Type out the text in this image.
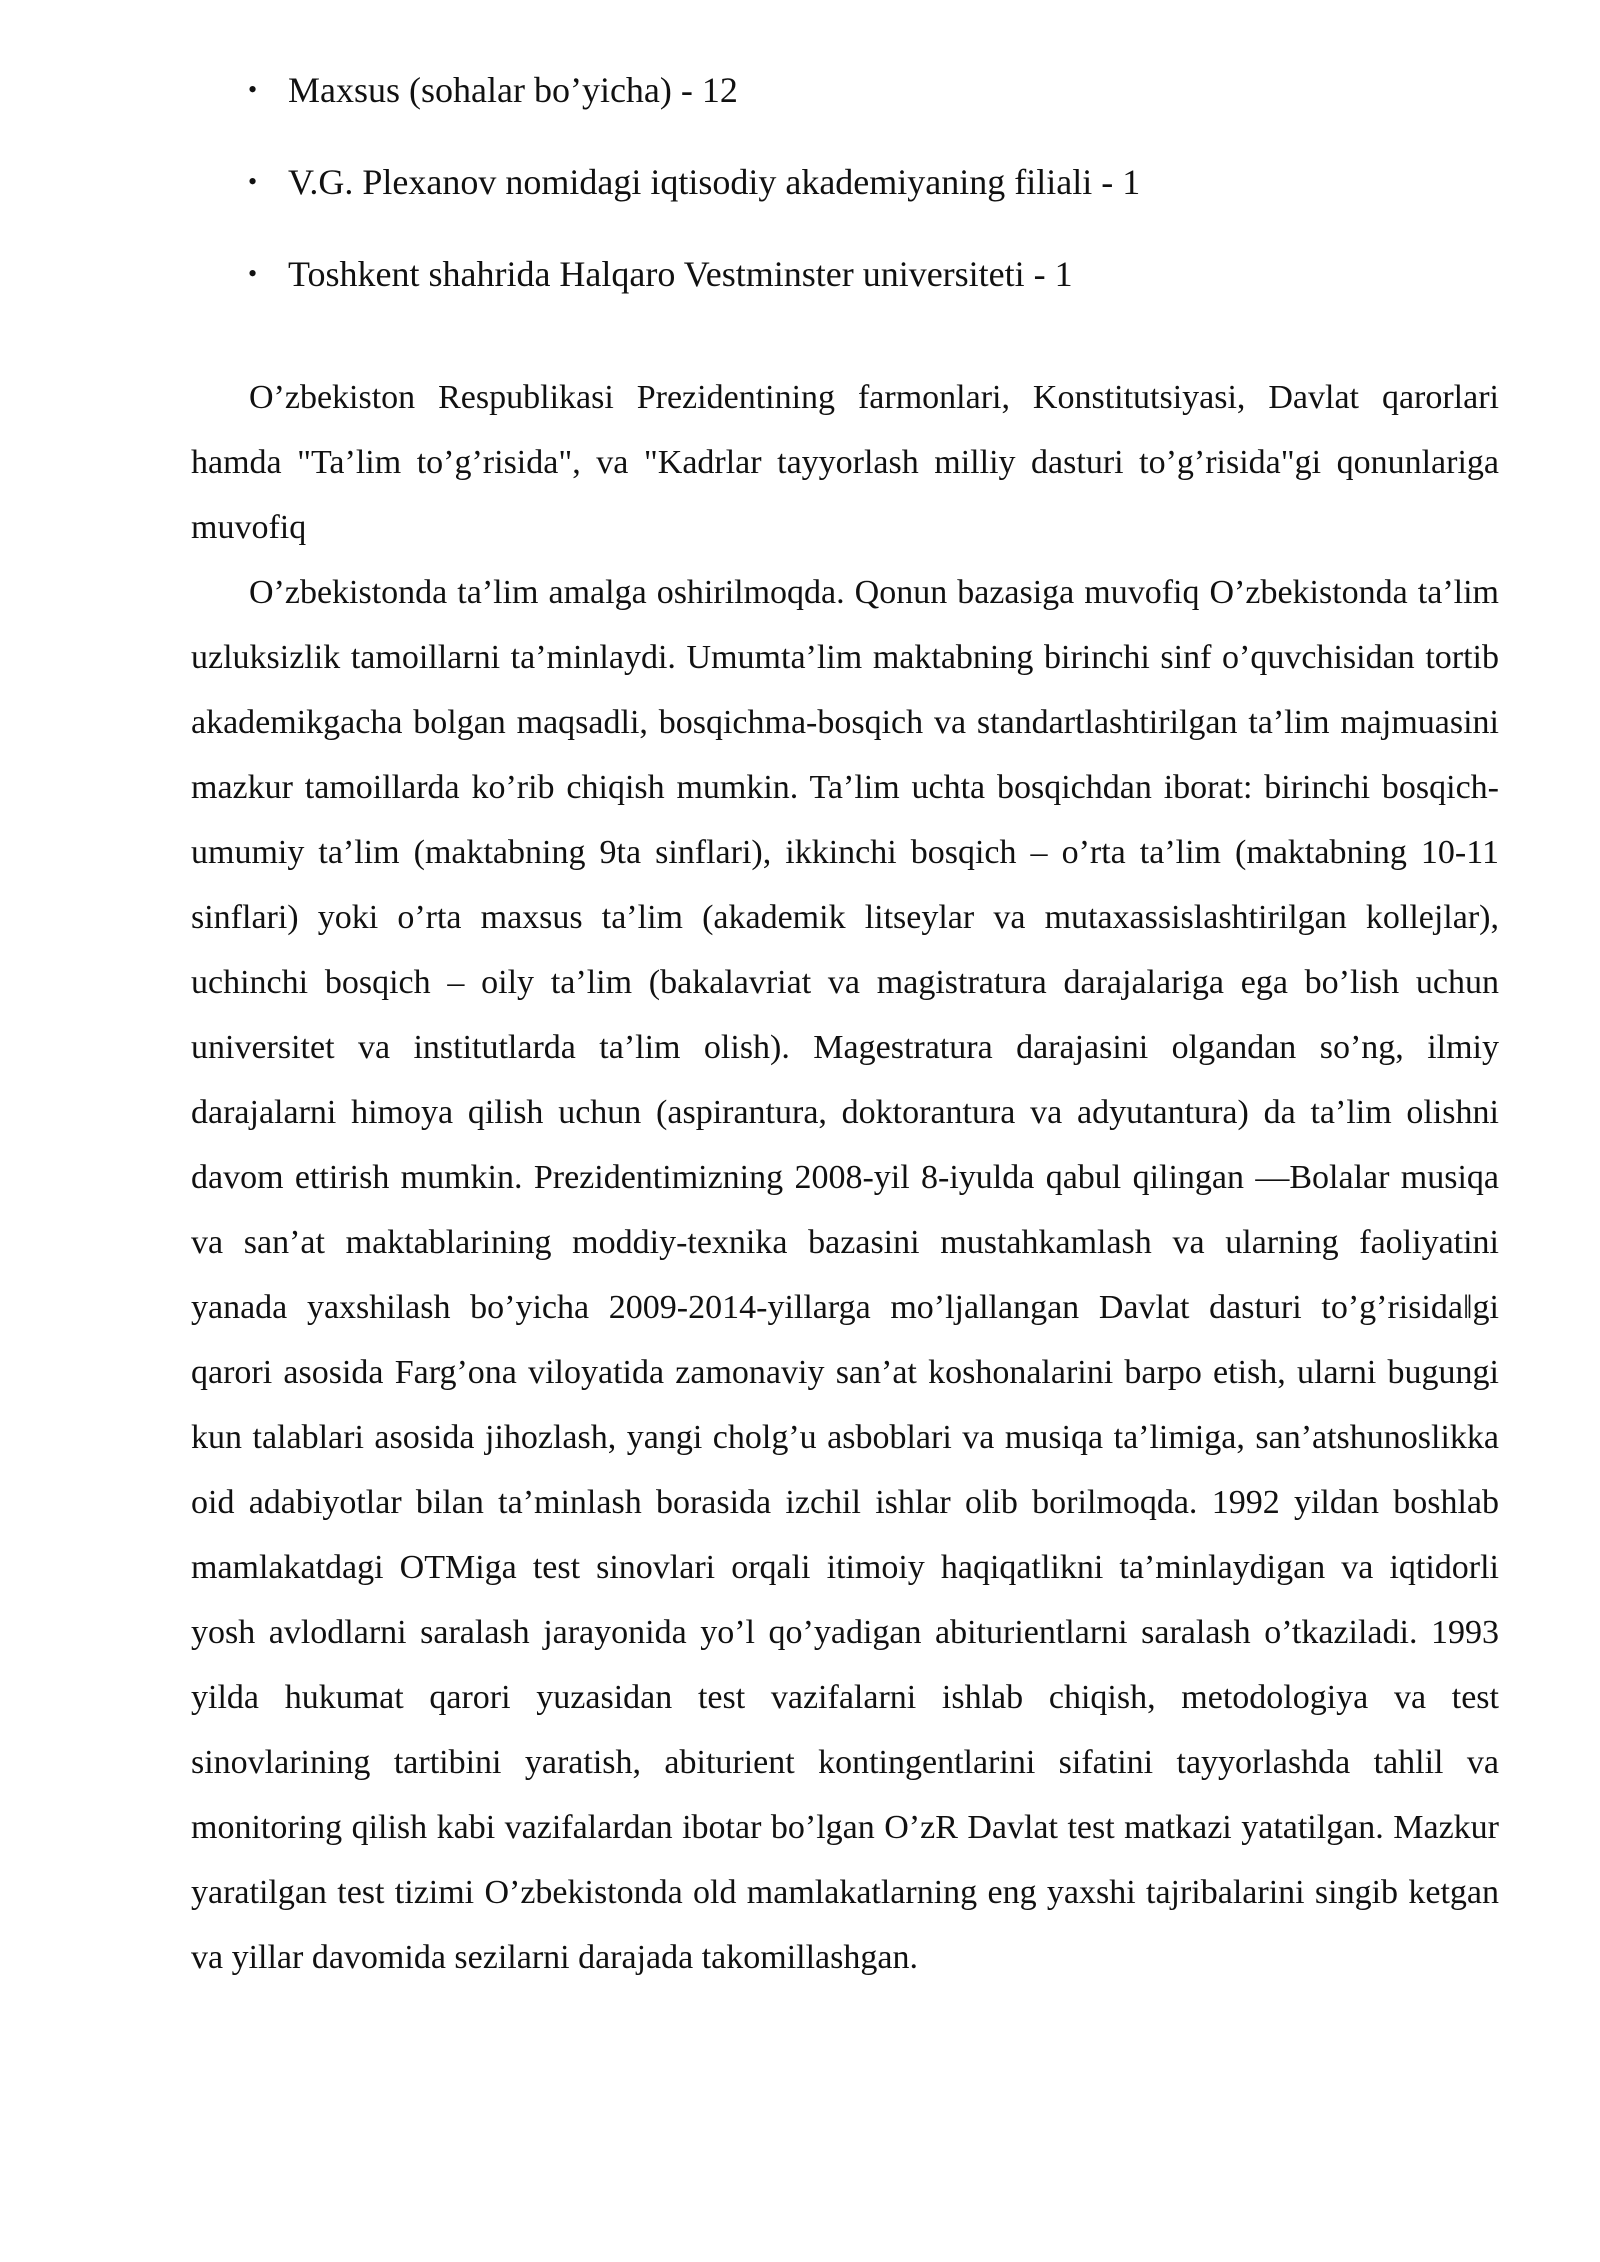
• Maxsus (sohalar bo’yicha) - 12
• V.G. Plexanov nomidagi iqtisodiy akademiyaning filiali - 1
• Toshkent shahrida Halqaro Vestminster universiteti - 1

O’zbekiston Respublikasi Prezidentining farmonlari, Konstitutsiyasi, Davlat qarorlari hamda "Ta’lim to’g’risida", va "Kadrlar tayyorlash milliy dasturi to’g’risida"gi qonunlariga muvofiq

O’zbekistonda ta’lim amalga oshirilmoqda. Qonun bazasiga muvofiq O’zbekistonda ta’lim uzluksizlik tamoillarni ta’minlaydi. Umumta’lim maktabning birinchi sinf o’quvchisidan tortib akademikgacha bolgan maqsadli, bosqichma-bosqich va standartlashtirilgan ta’lim majmuasini mazkur tamoillarda ko’rib chiqish mumkin. Ta’lim uchta bosqichdan iborat: birinchi bosqich- umumiy ta’lim (maktabning 9ta sinflari), ikkinchi bosqich – o’rta ta’lim (maktabning 10-11 sinflari) yoki o’rta maxsus ta’lim (akademik litseylar va mutaxassislashtirilgan kollejlar), uchinchi bosqich – oily ta’lim (bakalavriat va magistratura darajalariga ega bo’lish uchun universitet va institutlarda ta’lim olish). Magestratura darajasini olgandan so’ng, ilmiy darajalarni himoya qilish uchun (aspirantura, doktorantura va adyutantura) da ta’lim olishni davom ettirish mumkin. Prezidentimizning 2008-yil 8-iyulda qabul qilingan ―Bolalar musiqa va san’at maktablarining moddiy-texnika bazasini mustahkamlash va ularning faoliyatini yanada yaxshilash bo’yicha 2009-2014-yillarga mo’ljallangan Davlat dasturi to’g’risida‖gi qarori asosida Farg’ona viloyatida zamonaviy san’at koshonalarini barpo etish, ularni bugungi kun talablari asosida jihozlash, yangi cholg’u asboblari va musiqa ta’limiga, san’atshunoslikka oid adabiyotlar bilan ta’minlash borasida izchil ishlar olib borilmoqda. 1992 yildan boshlab mamlakatdagi OTMiga test sinovlari orqali itimoiy haqiqatlikni ta’minlaydigan va iqtidorli yosh avlodlarni saralash jarayonida yo’l qo’yadigan abiturientlarni saralash o’tkaziladi. 1993 yilda hukumat qarori yuzasidan test vazifalarni ishlab chiqish, metodologiya va test sinovlarining tartibini yaratish, abiturient kontingentlarini sifatini tayyorlashda tahlil va monitoring qilish kabi vazifalardan ibotar bo’lgan O’zR Davlat test matkazi yatatilgan. Mazkur yaratilgan test tizimi O’zbekistonda old mamlakatlarning eng yaxshi tajribalarini singib ketgan va yillar davomida sezilarni darajada takomillashgan.
